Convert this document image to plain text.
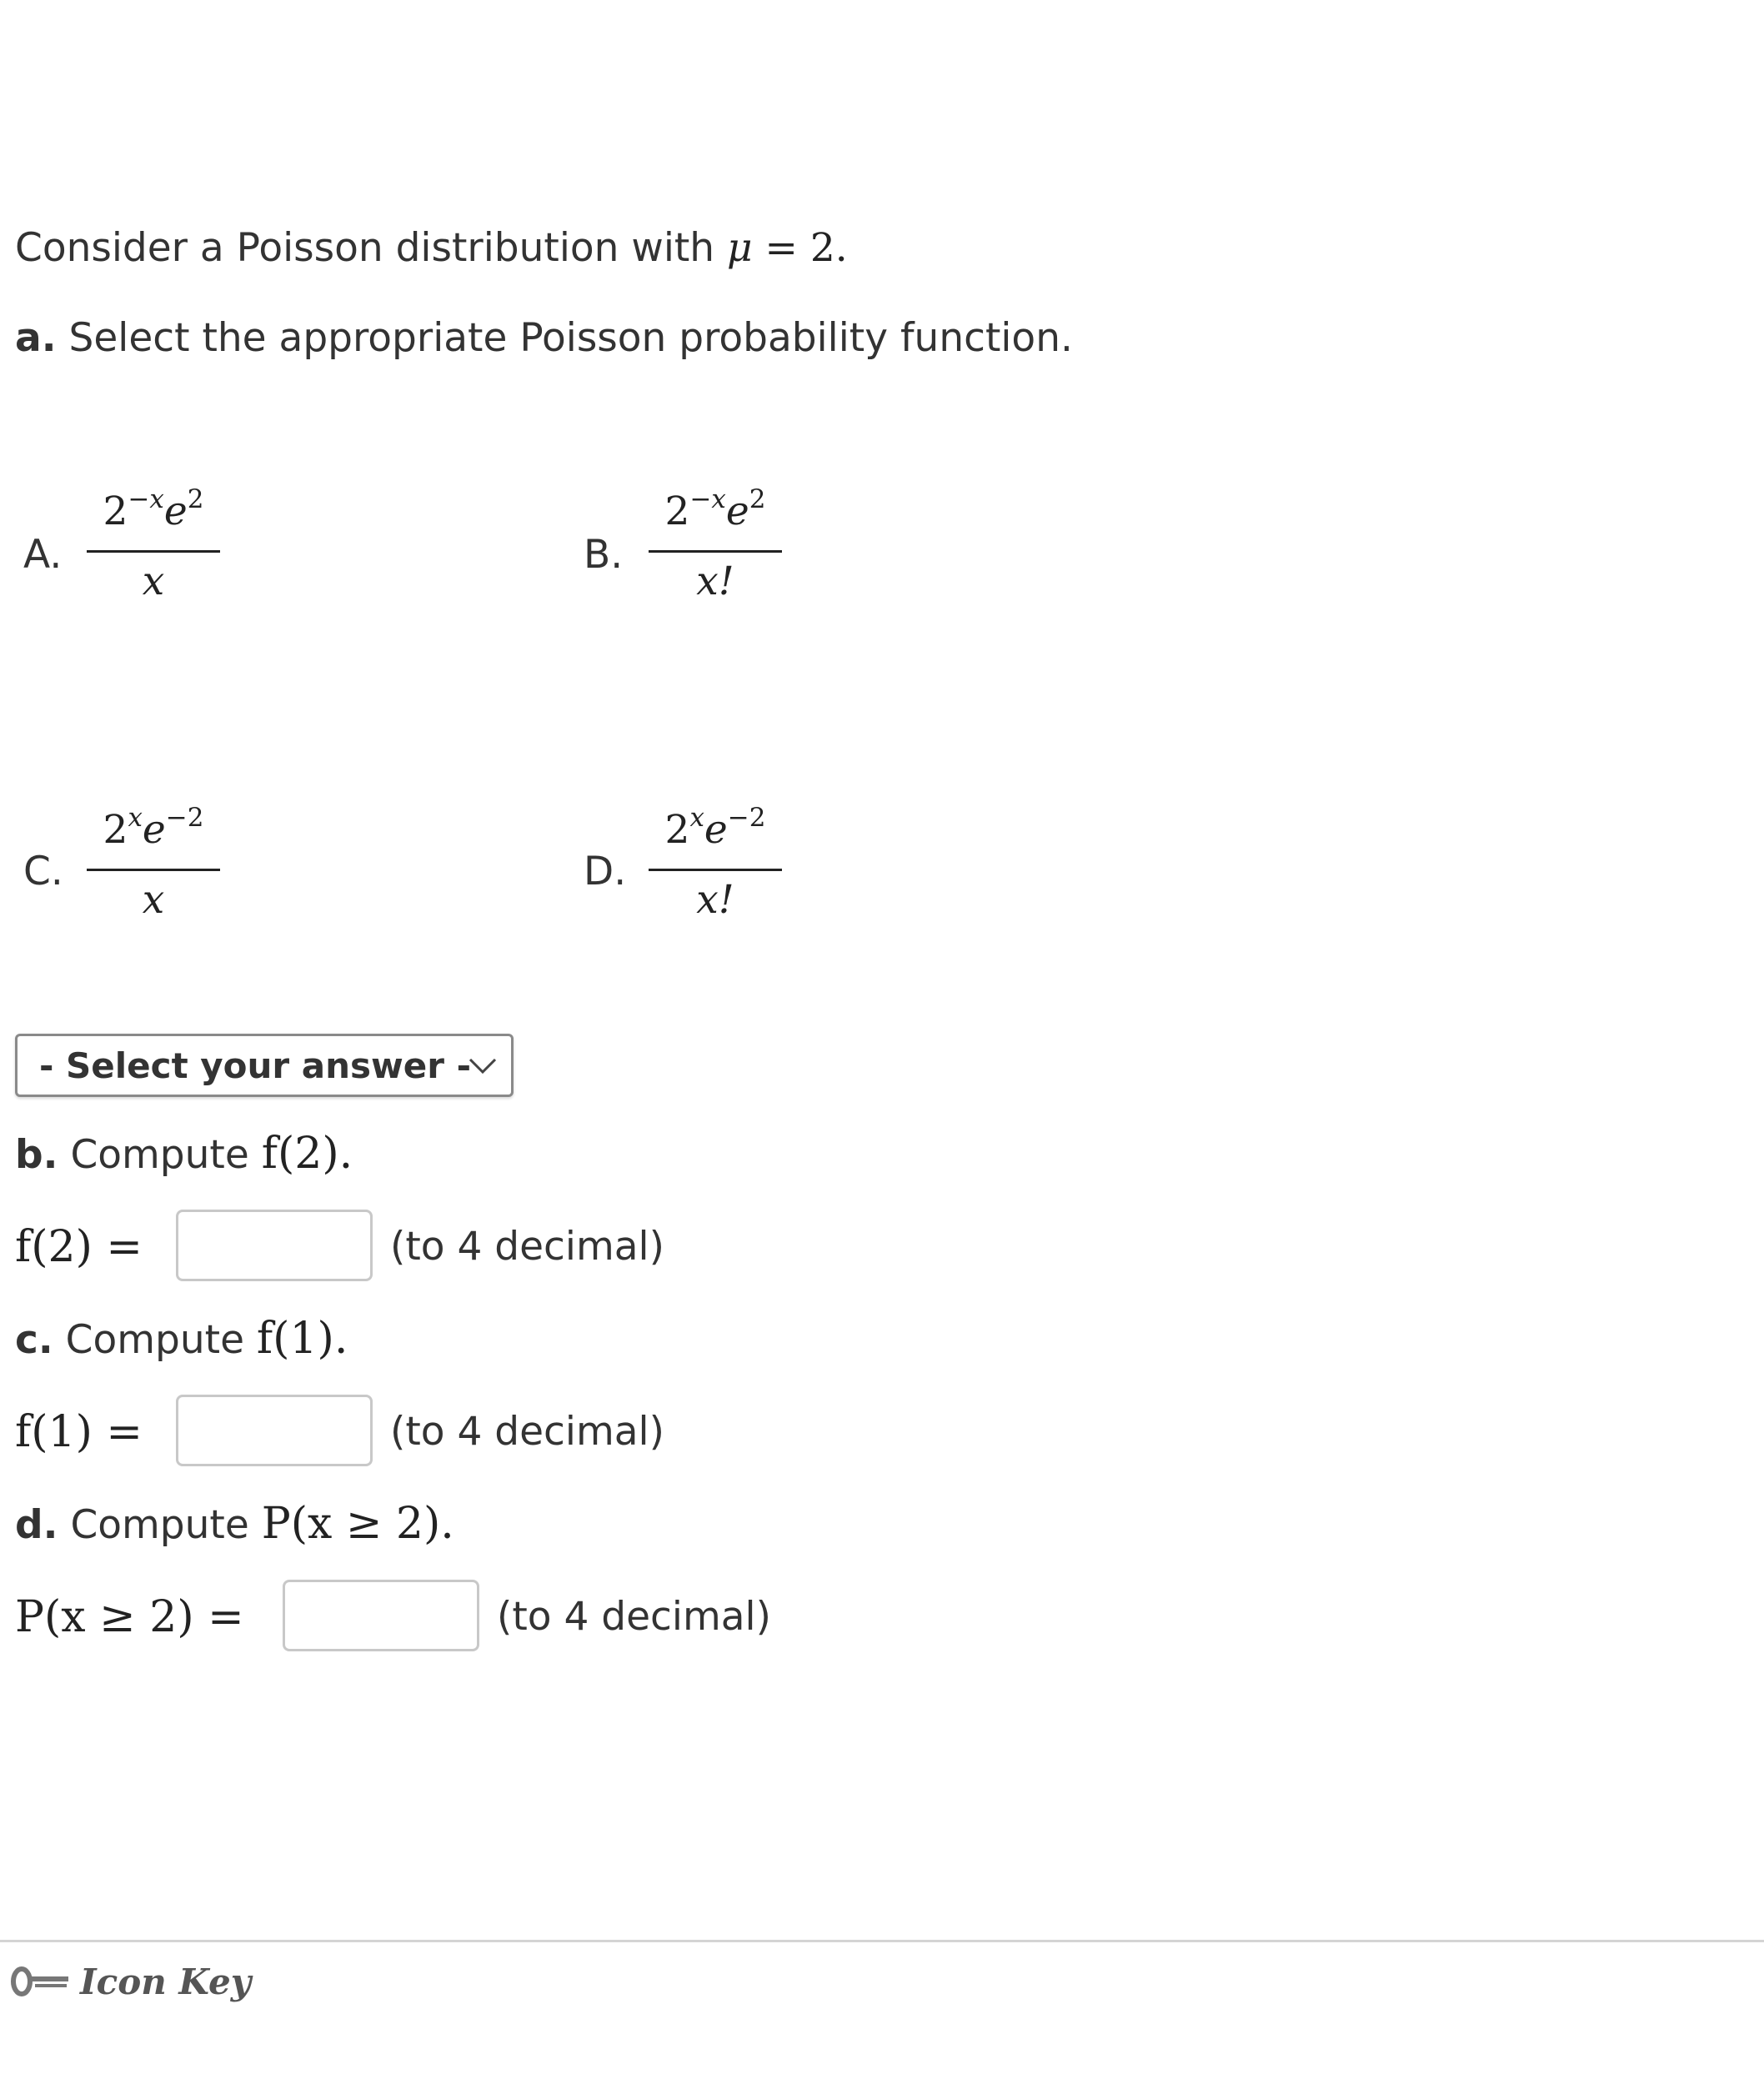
Consider a Poisson distribution with μ = 2.
a. Select the appropriate Poisson probability function.
A.
$2^{-x}e^2$
x
B.
$2^{-x}e^2$
x!
C.
$2^xe^{-2}$
x
D.
$2^xe^{-2}$
x!
- Select your answer -
b. Compute f(2).
f(2) =	(to 4 decimal)
c. Compute f(1).
f(1) =	(to 4 decimal)
d. Compute P(x ≥ 2).
P(x ≥ 2) =	(to 4 decimal)
Icon Key
